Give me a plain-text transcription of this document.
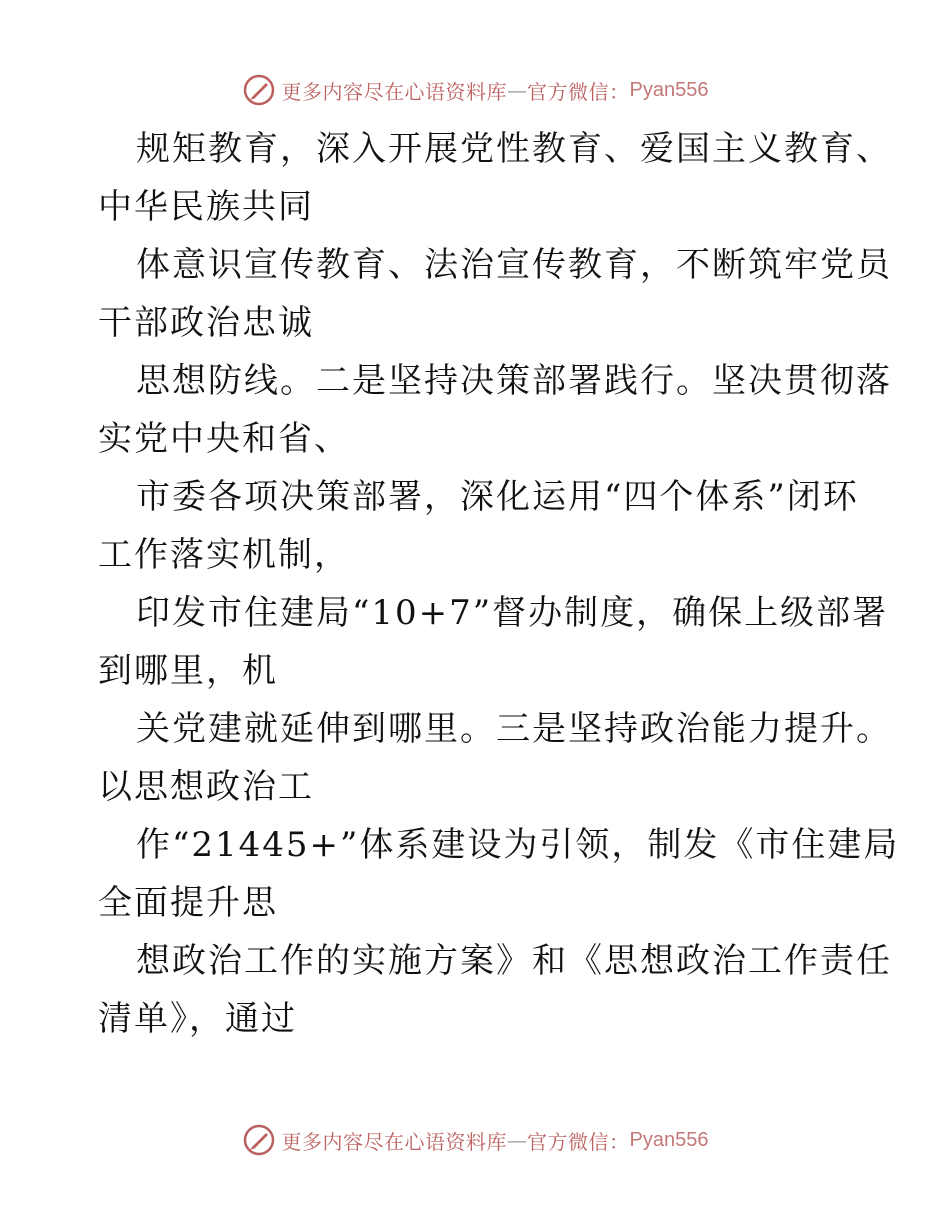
更多内容尽在心语资料库 — 官方微信： Pyan556
规矩教育，深入开展党性教育、爱国主义教育、
中华民族共同
体意识宣传教育、法治宣传教育，不断筑牢党员
干部政治忠诚
思想防线。二是坚持决策部署践行。坚决贯彻落
实党中央和省、
市委各项决策部署，深化运用“四个体系”闭环
工作落实机制，
印发市住建局“10+7”督办制度，确保上级部署
到哪里，机
关党建就延伸到哪里。三是坚持政治能力提升。
以思想政治工
作“21445+”体系建设为引领，制发《市住建局
全面提升思
想政治工作的实施方案》和《思想政治工作责任
清单》，通过
更多内容尽在心语资料库 — 官方微信： Pyan556
